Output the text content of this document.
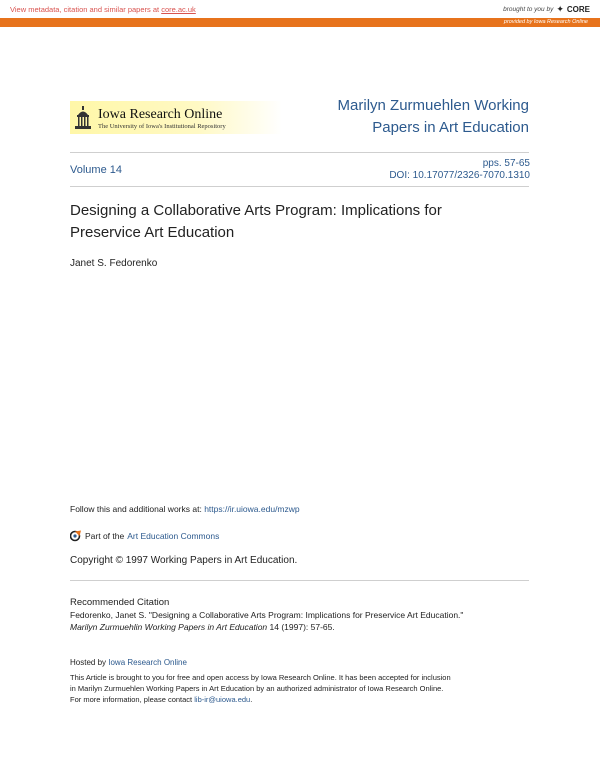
View metadata, citation and similar papers at core.ac.uk	brought to you by ✦ CORE
provided by Iowa Research Online
Iowa Research Online
The University of Iowa's Institutional Repository
Marilyn Zurmuehlen Working
Papers in Art Education
Volume 14
pps. 57-65
DOI: 10.17077/2326-7070.1310
Designing a Collaborative Arts Program: Implications for Preservice Art Education
Janet S. Fedorenko
Follow this and additional works at: https://ir.uiowa.edu/mzwp
Part of the Art Education Commons
Copyright © 1997 Working Papers in Art Education.
Recommended Citation
Fedorenko, Janet S. "Designing a Collaborative Arts Program: Implications for Preservice Art Education."
Marilyn Zurmuehlin Working Papers in Art Education 14 (1997): 57-65.
Hosted by Iowa Research Online
This Article is brought to you for free and open access by Iowa Research Online. It has been accepted for inclusion
in Marilyn Zurmuehlen Working Papers in Art Education by an authorized administrator of Iowa Research Online.
For more information, please contact lib-ir@uiowa.edu.
